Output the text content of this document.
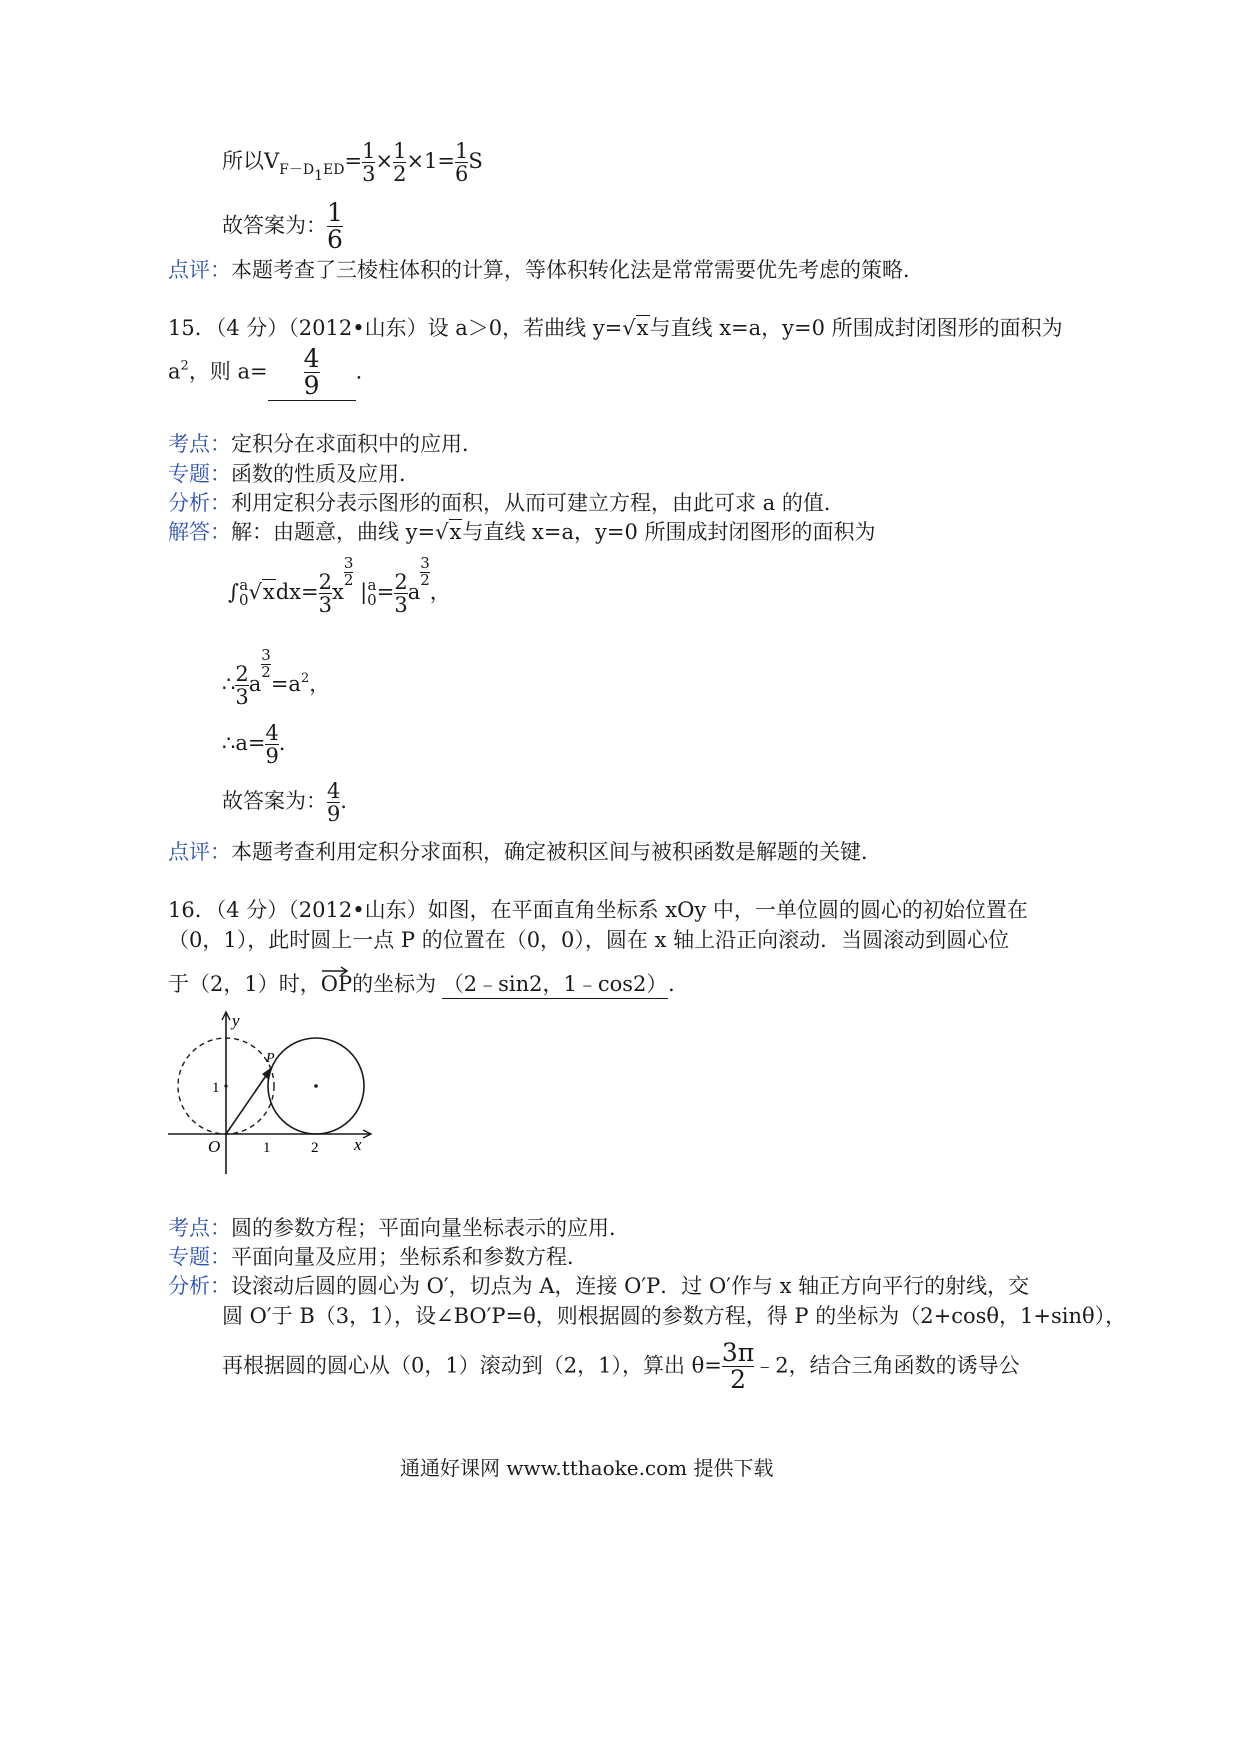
所以$V_{F-D1ED}= \frac{1}{3} \times \frac{1}{2} \times 1= \frac{1}{6}$ S
故答案为： $\frac{1}{6}$
点评：本题考查了三棱柱体积的计算，等体积转化法是常常需要优先考虑的策略．
15．（4 分）（2012•山东）设 a＞0，若曲线 y=√x与直线 x=a，y=0 所围成封闭图形的面积为
$a^2$，则 $a= \frac{4}{9}$ ．
考点：定积分在求面积中的应用．
专题：函数的性质及应用．
分析：利用定积分表示图形的面积，从而可建立方程，由此可求 a 的值．
解答：解：由题意，曲线 y=√x与直线 x=a，y=0 所围成封闭图形的面积为
∫ a
0 $√xdx= \frac{2}{3}$ x
$\frac{3}{2}$
| a
$0 = \frac{2}{3}$ a
$\frac{3}{2}$
，
∴ $\frac{2}{3}$ a
$\frac{3}{2}$
$=a^2$，
∴a= $\frac{4}{9}$ ．
故答案为： $\frac{4}{9}$ ．
点评：本题考查利用定积分求面积，确定被积区间与被积函数是解题的关键．
16．（4 分）（2012•山东）如图，在平面直角坐标系 xOy 中，一单位圆的圆心的初始位置在
（0，1），此时圆上一点 P 的位置在（0，0），圆在 x 轴上沿正向滚动．当圆滚动到圆心位
于（2，1）时，
OP的坐标为 （2﹣sin2，1﹣cos2）．
y
x
O
1
1	2
P
考点：圆的参数方程；平面向量坐标表示的应用．
专题：平面向量及应用；坐标系和参数方程．
分析：设滚动后圆的圆心为 O′，切点为 A，连接 O′P．过 O′作与 x 轴正方向平行的射线，交
圆 O′于 B（3，1），设∠BO′P=θ，则根据圆的参数方程，得 P 的坐标为（2+cosθ，1+sinθ），
再根据圆的圆心从（0，1）滚动到（2，1），算出 $\theta= \frac{3\pi}{2}$ ﹣2，结合三角函数的诱导公
通通好课网 www.tthaoke.com 提供下载
